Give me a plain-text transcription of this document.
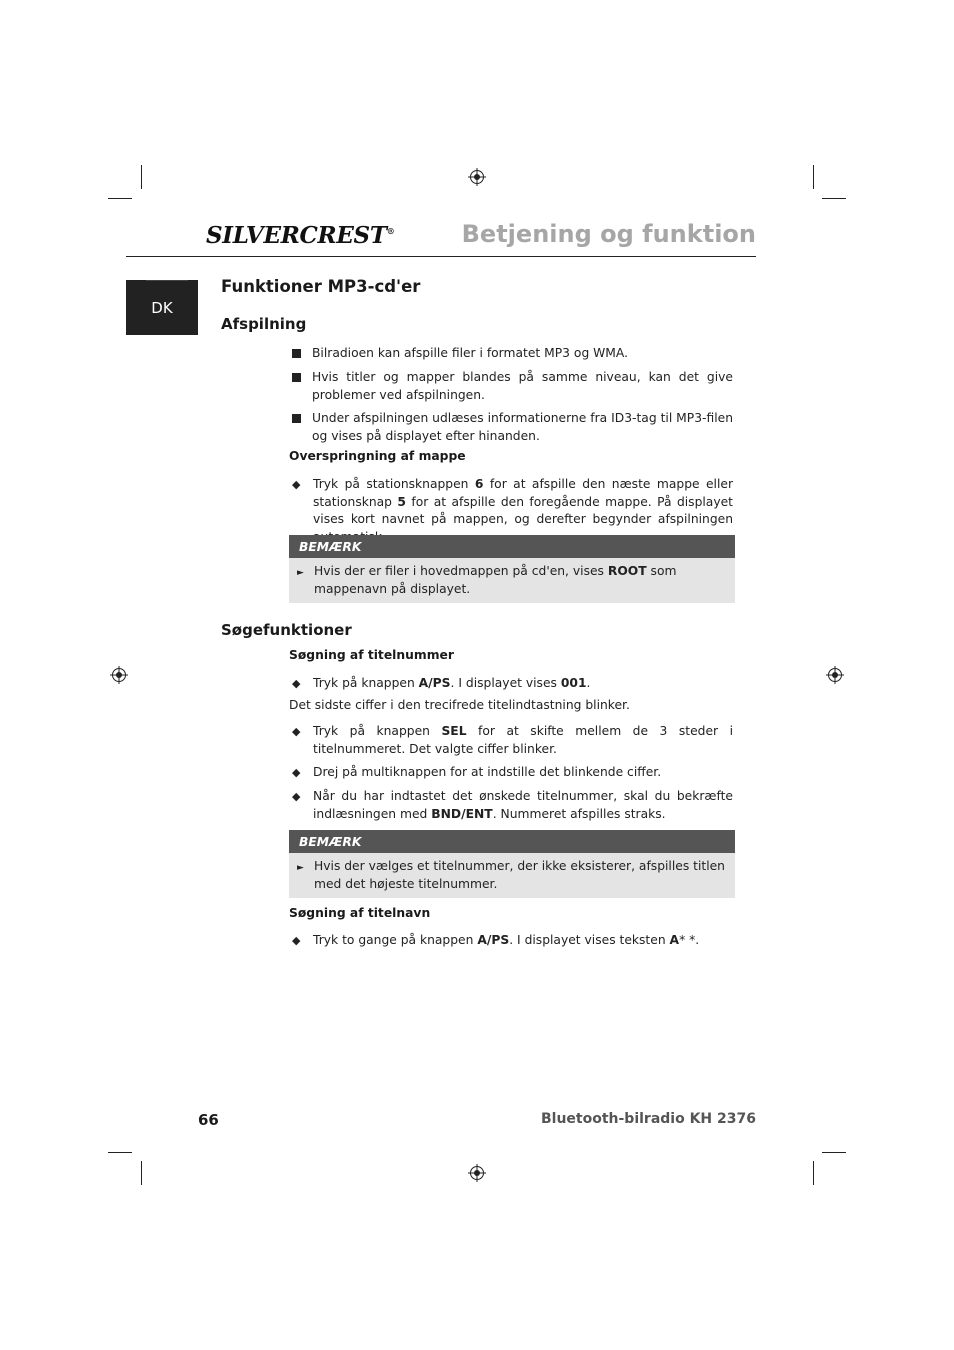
SILVERCREST®	Betjening og funktion
DK
Funktioner MP3-cd'er
Afspilning
Bilradioen kan afspille filer i formatet MP3 og WMA.
Hvis titler og mapper blandes på samme niveau, kan det give problemer ved afspilningen.
Under afspilningen udlæses informationerne fra ID3-tag til MP3-filen og vises på displayet efter hinanden.
Overspringning af mappe
◆ Tryk på stationsknappen 6 for at afspille den næste mappe eller stationsknap 5 for at afspille den foregående mappe. På displayet vises kort navnet på mappen, og derefter begynder afspilningen
BEMÆRK
► Hvis der er filer i hovedmappen på cd'en, vises ROOT som mappenavn på displayet.
Søgefunktioner
Søgning af titelnummer
◆ Tryk på knappen A/PS. I displayet vises 001.
Det sidste ciffer i den trecifrede titelindtastning blinker.
◆ Tryk på knappen SEL for at skifte mellem de 3 steder i titelnummeret. Det valgte ciffer blinker.
◆ Drej på multiknappen for at indstille det blinkende ciffer.
◆ Når du har indtastet det ønskede titelnummer, skal du bekræfte indlæsningen med BND/ENT. Nummeret afspilles straks.
BEMÆRK
► Hvis der vælges et titelnummer, der ikke eksisterer, afspilles titlen med det højeste titelnummer.
Søgning af titelnavn
◆ Tryk to gange på knappen A/PS. I displayet vises teksten A* *.
66	Bluetooth-bilradio KH 2376
